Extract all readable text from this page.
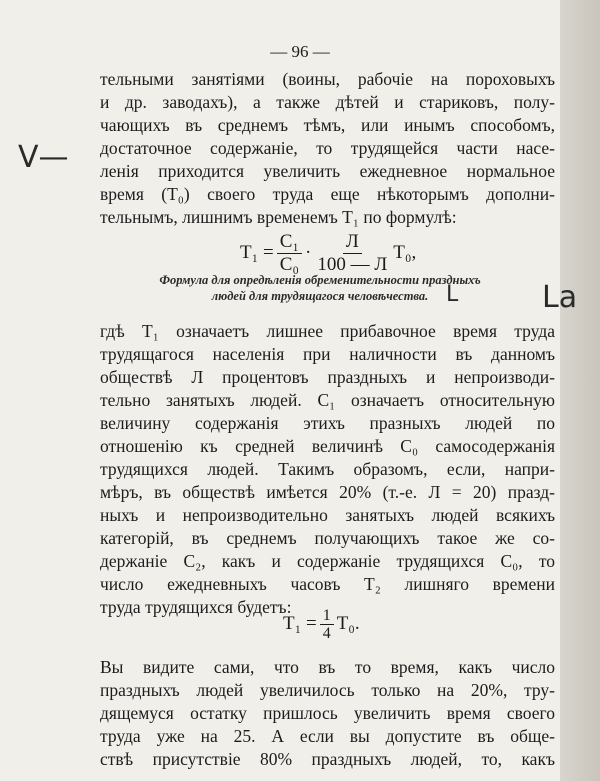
— 96 —
тельными занятіями (воины, рабочіе на пороховыхъ
и др. заводахъ), а также дѣтей и стариковъ, полу-
чающихъ въ среднемъ тѣмъ, или инымъ способомъ,
достаточное содержаніе, то трудящейся части насе-
ленія приходится увеличить ежедневное нормальное
время (T₀) своего труда еще нѣкоторымъ дополни-
тельнымъ, лишнимъ временемъ T₁ по формулѣ:
$T_1 = \frac{\text{C₁}}{\text{C₀}} \cdot \frac{Л}{100 — Л} T_0$,
Формула для опредѣленія обременительности праздныхъ
людей для трудящагося человѣчества.
гдѣ T₁ означаетъ лишнее прибавочное время труда
трудящагося населенія при наличности въ данномъ
обществѣ Л процентовъ праздныхъ и непроизводи-
тельно занятыхъ людей. C₁ означаетъ относительную
величину содержанія этихъ празныхъ людей по
отношенію къ средней величинѣ C₀ самосодержанія
трудящихся людей. Такимъ образомъ, если, напри-
мѣръ, въ обществѣ имѣется 20% (т.-е. Л = 20) празд-
ныхъ и непроизводительно занятыхъ людей всякихъ
категорій, въ среднемъ получающихъ такое же со-
держаніе C₂, какъ и содержаніе трудящихся C₀, то
число ежедневныхъ часовъ T₂ лишняго времени
труда трудящихся будетъ:
$T_1 = \frac{1}{4} T_0$.
Вы видите сами, что въ то время, какъ число
праздныхъ людей увеличилось только на 20%, тру-
дящемуся остатку пришлось увеличить время своего
труда уже на 25. А если вы допустите въ обще-
ствѣ присутствіе 80% праздныхъ людей, то, какъ
V—
La
L
